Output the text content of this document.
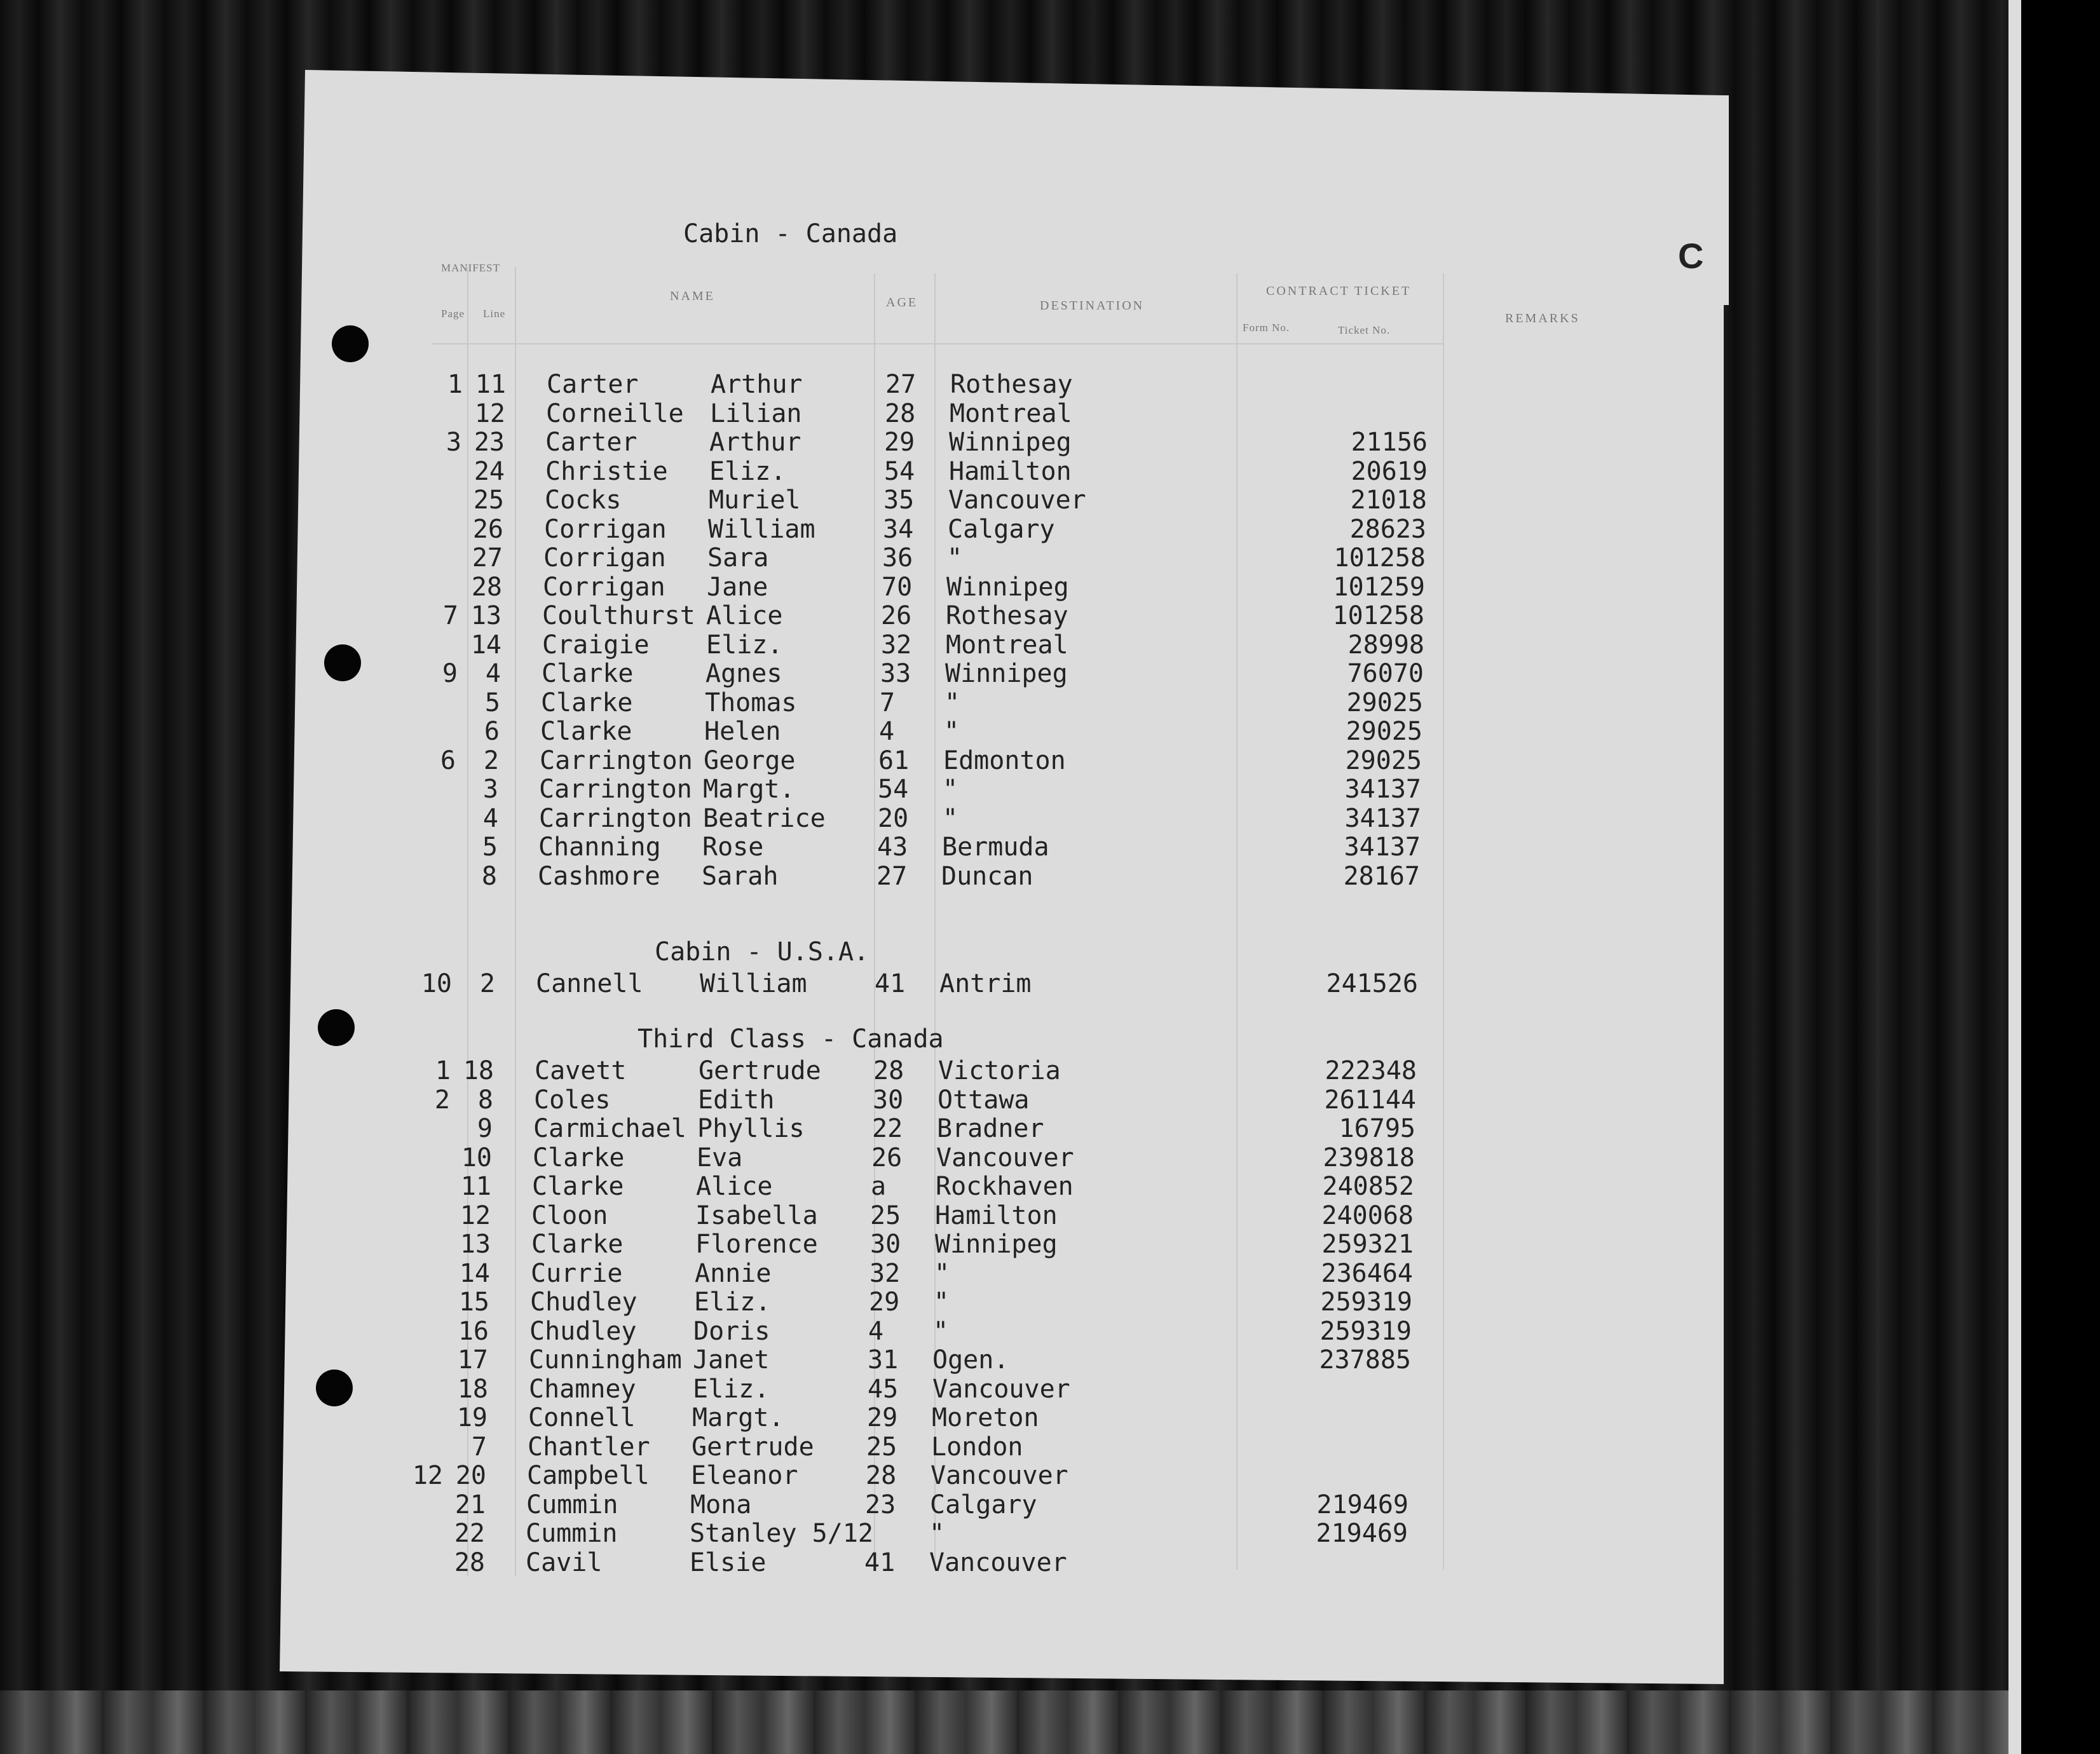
C
Cabin - Canada
MANIFEST
Page Line
NAME	AGE	DESTINATION
CONTRACT TICKET
Form No.	Ticket No.
REMARKS
1 11 Carter	Arthur	27 Rothesay
12 Corneille Lilian	28 Montreal
3 23 Carter	Arthur	29 Winnipeg	21156
24 Christie Eliz.	54 Hamilton	20619
25 Cocks	Muriel	35 Vancouver	21018
26 Corrigan William	34 Calgary	28623
27 Corrigan Sara	36 "	101258
28 Corrigan Jane	70 Winnipeg	101259
7 13 Coulthurst Alice	26 Rothesay	101258
14 Craigie Eliz.	32 Montreal	28998
9	4 Clarke	Agnes	33 Winnipeg	76070
5 Clarke	Thomas	7 "	29025
6 Clarke	Helen	4 "	29025
6	2 Carrington George	61 Edmonton	29025
3 Carrington Margt.	54 "	34137
4 Carrington Beatrice 20 "	34137
5 Channing Rose	43 Bermuda	34137
8 Cashmore Sarah	27 Duncan	28167
Cabin - U.S.A.
10	2 Cannell William	41 Antrim	241526
Third Class - Canada
1 18 Cavett	Gertrude 28 Victoria	222348
2	8 Coles	Edith	30 Ottawa	261144
9 Carmichael Phyllis	22 Bradner	16795
10 Clarke	Eva	26 Vancouver	239818
11 Clarke	Alice	a Rockhaven	240852
12 Cloon	Isabella 25 Hamilton	240068
13 Clarke	Florence 30 Winnipeg	259321
14 Currie	Annie	32 "	236464
15 Chudley Eliz.	29 "	259319
16 Chudley Doris	4 "	259319
17 Cunningham Janet	31 Ogen.	237885
18 Chamney Eliz.	45 Vancouver
19 Connell Margt.	29 Moreton
7 Chantler Gertrude 25 London
12 20 Campbell Eleanor	28 Vancouver
21 Cummin	Mona	23 Calgary	219469
22 Cummin	Stanley 5/12 "	219469
28 Cavil	Elsie	41 Vancouver
